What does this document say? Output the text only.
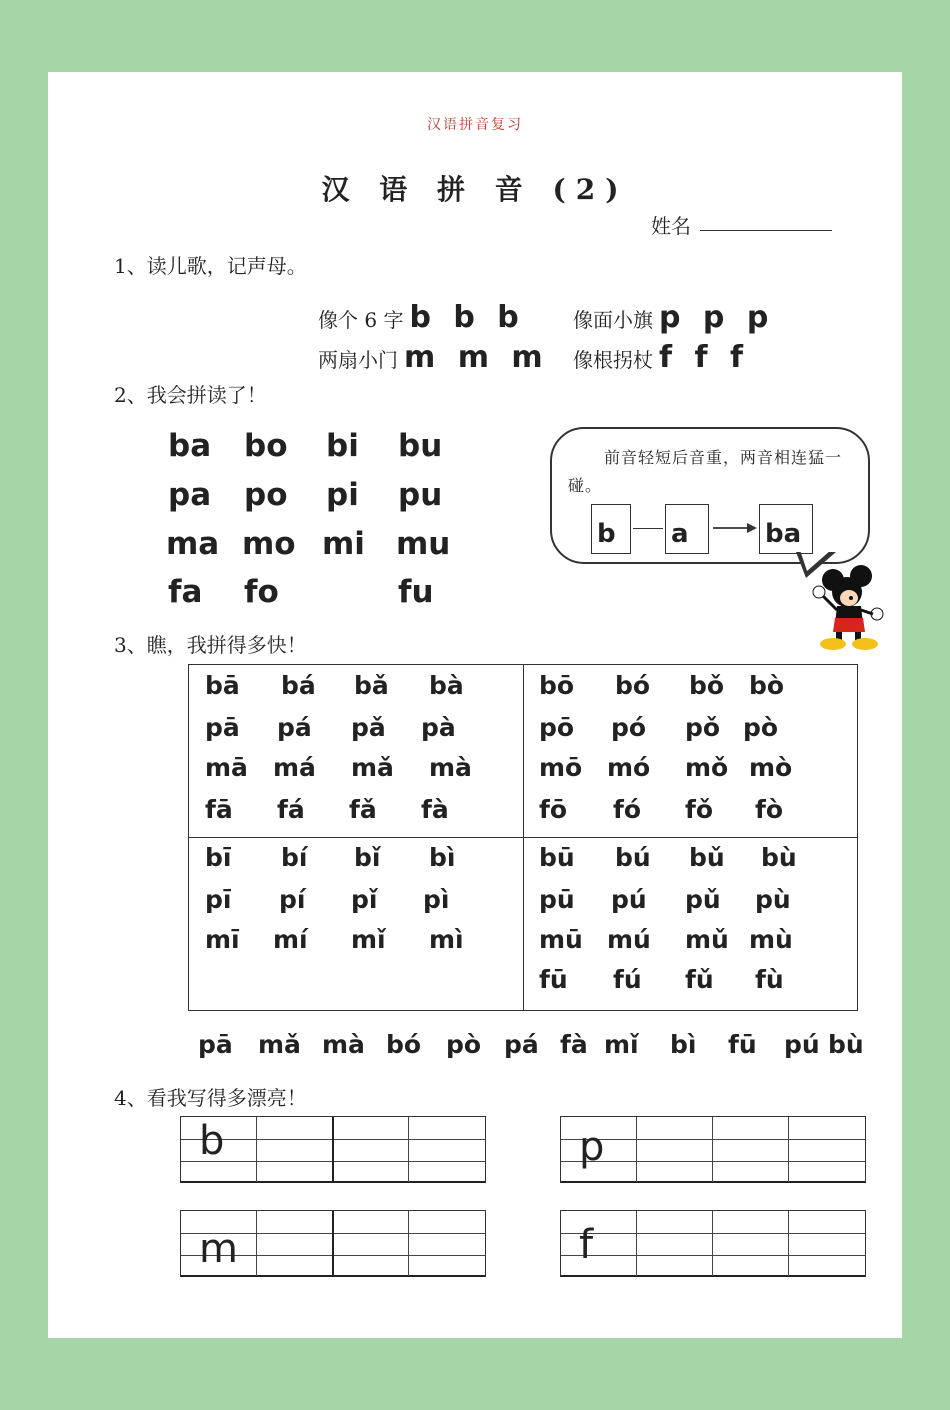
汉语拼音复习
汉 语 拼 音 (2)
姓名
1、读儿歌，记声母。
像个 6 字 b b b 像面小旗 p p p
两扇小门 m m m 像根拐杖 f f f
2、我会拼读了！
ba bo bi bu
pa po pi pu
ma mo mi mu
fa fo	fu
前音轻短后音重，两音相连猛一碰。
b a	ba
3、瞧，我拼得多快！
bā bá bǎ bà
pā pá pǎ pà
mā má mǎ mà
fā fá fǎ fà
bō bó bǒ bò
pō pó pǒ pò
mō mó mǒ mò
fō fó fǒ fò
bī bí bǐ bì
pī pí pǐ pì
mī mí mǐ mì
bū bú bǔ bù
pū pú pǔ pù
mū mú mǔ mù
fū fú fǔ fù
pā mǎ mà bó pò pá fà mǐ bì fū pú bù
4、看我写得多漂亮！
b	p
m	f
